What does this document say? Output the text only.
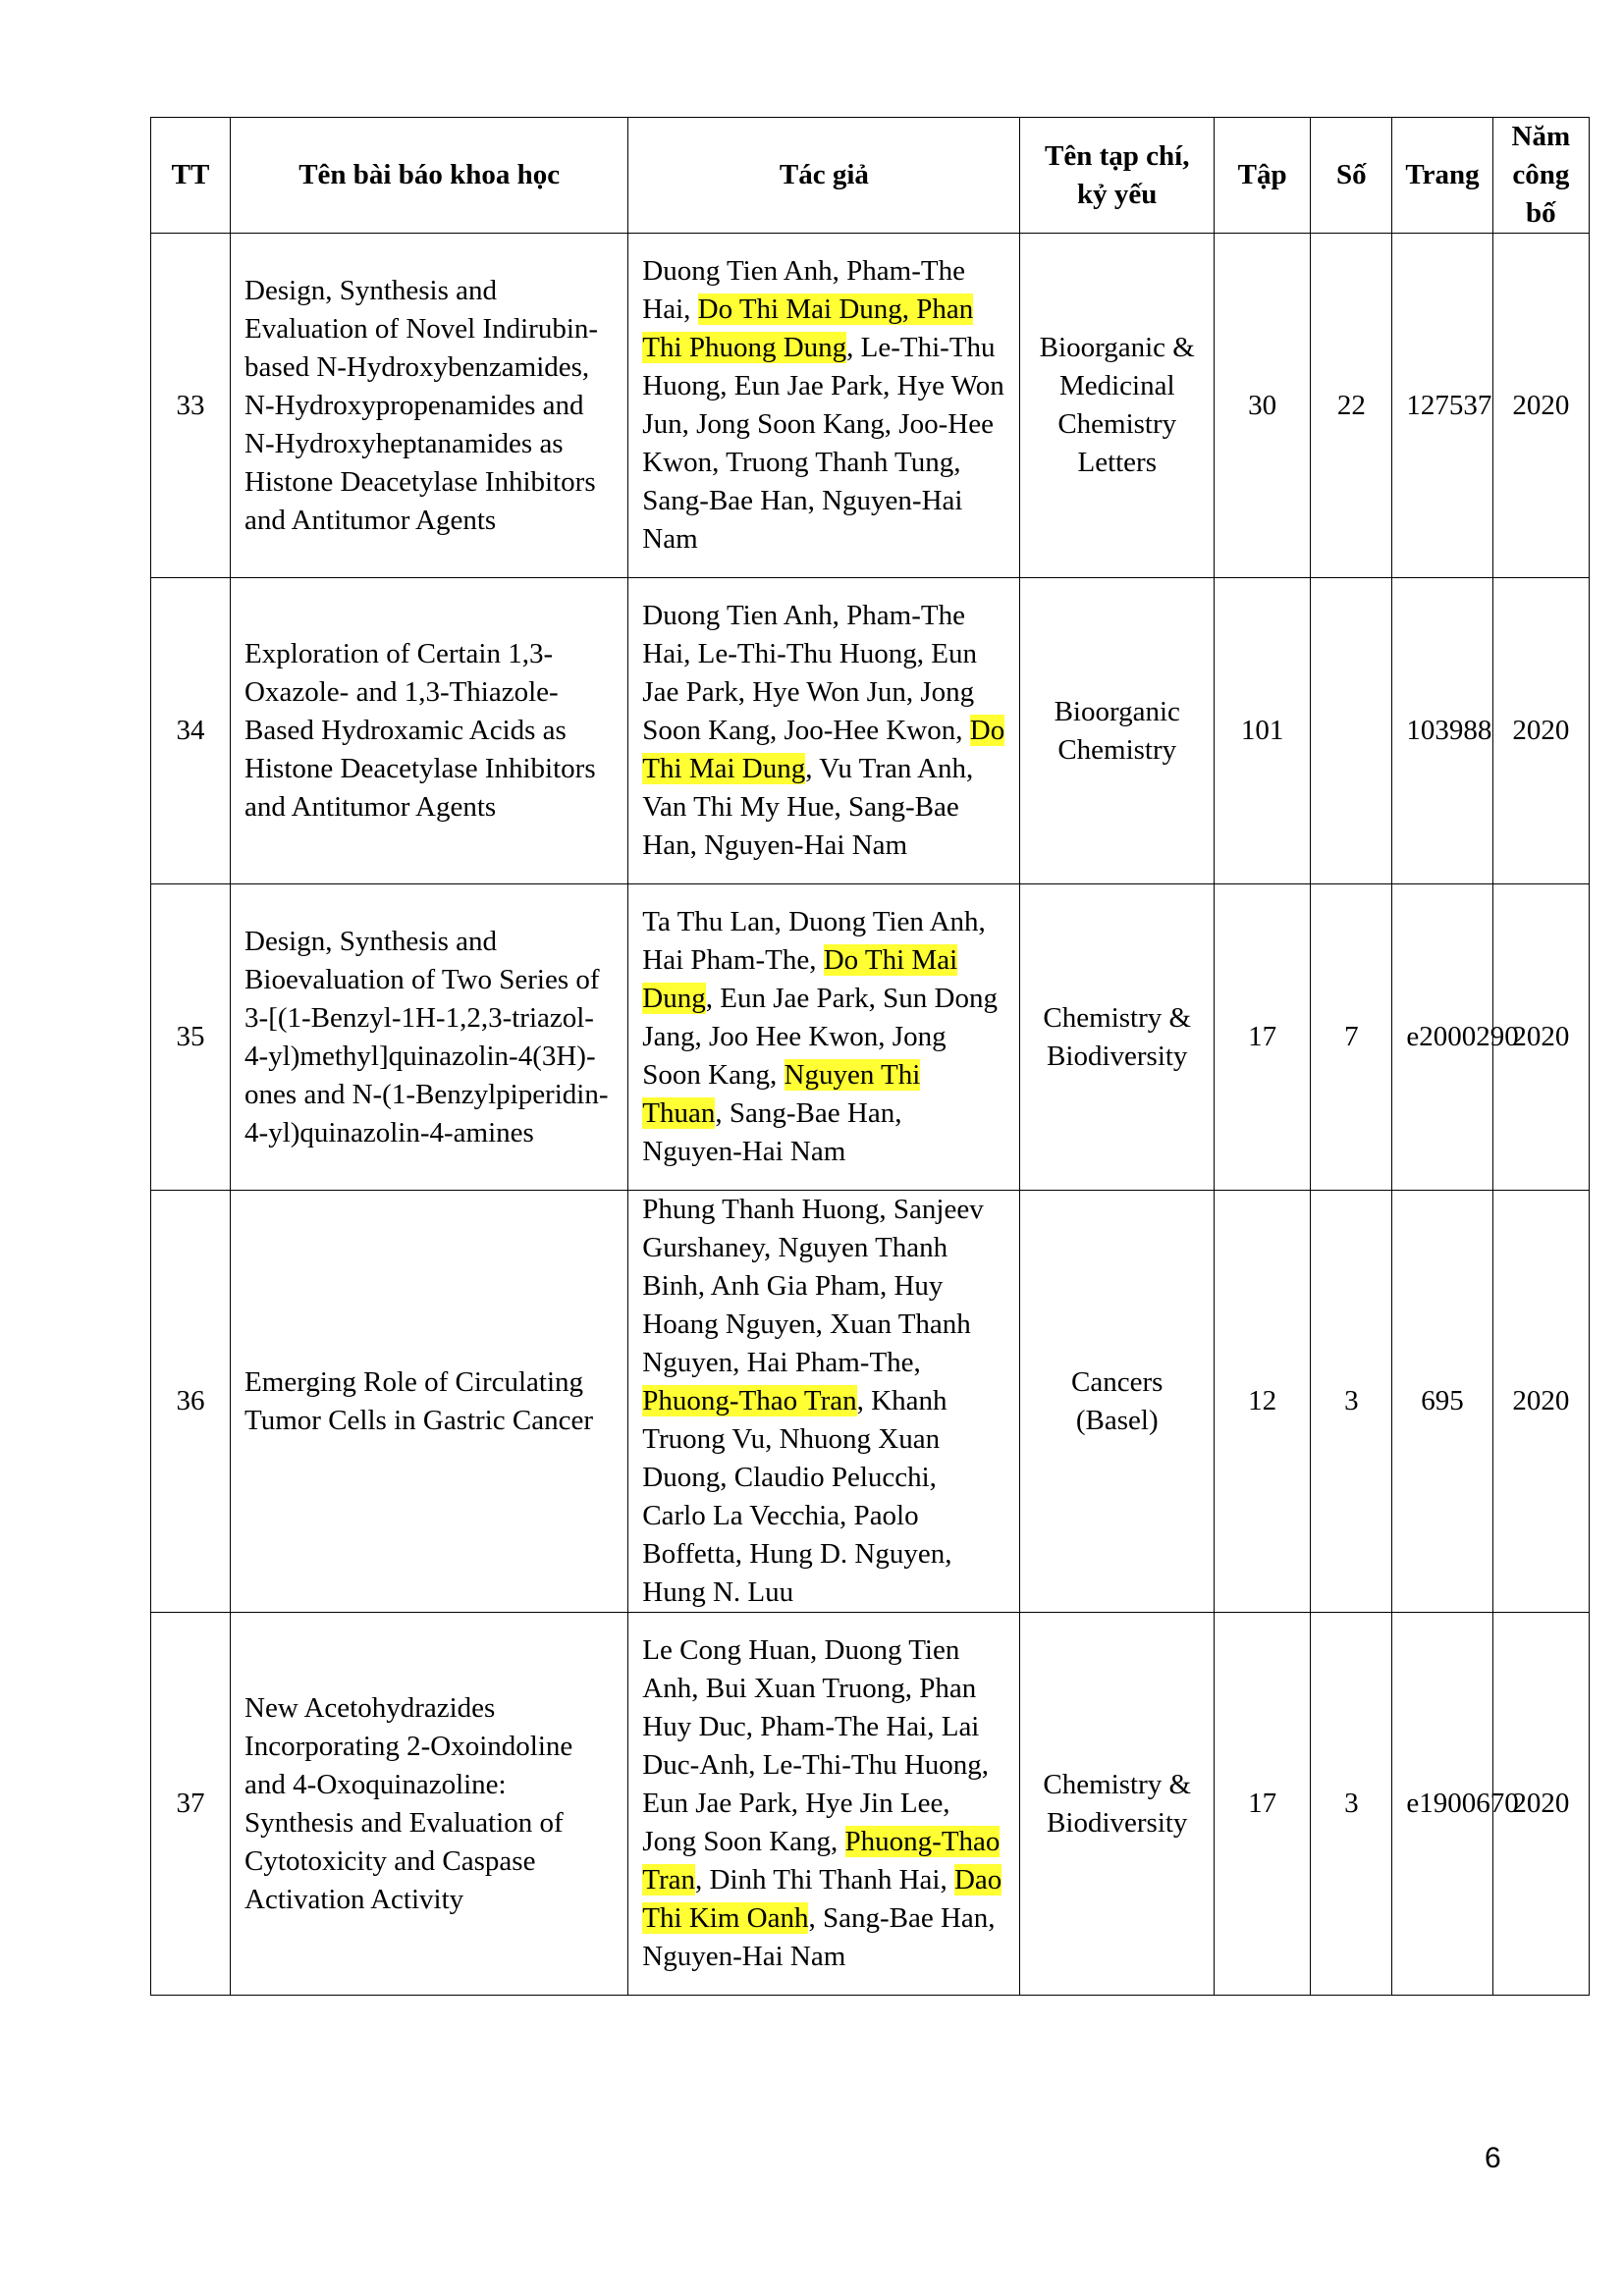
TT	Tên bài báo khoa học	Tác giả	Tên tạp chí, kỷ yếu	Tập	Số	Trang	Năm công bố
33	Design, Synthesis and Evaluation of Novel Indirubin-based N-Hydroxybenzamides, N-Hydroxypropenamides and N-Hydroxyheptanamides as Histone Deacetylase Inhibitors and Antitumor Agents	Duong Tien Anh, Pham-The Hai, Do Thi Mai Dung, Phan Thi Phuong Dung, Le-Thi-Thu Huong, Eun Jae Park, Hye Won Jun, Jong Soon Kang, Joo-Hee Kwon, Truong Thanh Tung, Sang-Bae Han, Nguyen-Hai Nam	Bioorganic & Medicinal Chemistry Letters	30	22	127537	2020
34	Exploration of Certain 1,3-Oxazole- and 1,3-Thiazole-Based Hydroxamic Acids as Histone Deacetylase Inhibitors and Antitumor Agents	Duong Tien Anh, Pham-The Hai, Le-Thi-Thu Huong, Eun Jae Park, Hye Won Jun, Jong Soon Kang, Joo-Hee Kwon, Do Thi Mai Dung, Vu Tran Anh, Van Thi My Hue, Sang-Bae Han, Nguyen-Hai Nam	Bioorganic Chemistry	101		103988	2020
35	Design, Synthesis and Bioevaluation of Two Series of 3-[(1-Benzyl-1H-1,2,3-triazol-4-yl)methyl]quinazolin-4(3H)-ones and N-(1-Benzylpiperidin-4-yl)quinazolin-4-amines	Ta Thu Lan, Duong Tien Anh, Hai Pham-The, Do Thi Mai Dung, Eun Jae Park, Sun Dong Jang, Joo Hee Kwon, Jong Soon Kang, Nguyen Thi Thuan, Sang-Bae Han, Nguyen-Hai Nam	Chemistry & Biodiversity	17	7	e2000290	2020
36	Emerging Role of Circulating Tumor Cells in Gastric Cancer	Phung Thanh Huong, Sanjeev Gurshaney, Nguyen Thanh Binh, Anh Gia Pham, Huy Hoang Nguyen, Xuan Thanh Nguyen, Hai Pham-The, Phuong-Thao Tran, Khanh Truong Vu, Nhuong Xuan Duong, Claudio Pelucchi, Carlo La Vecchia, Paolo Boffetta, Hung D. Nguyen, Hung N. Luu	Cancers (Basel)	12	3	695	2020
37	New Acetohydrazides Incorporating 2-Oxoindoline and 4-Oxoquinazoline: Synthesis and Evaluation of Cytotoxicity and Caspase Activation Activity	Le Cong Huan, Duong Tien Anh, Bui Xuan Truong, Phan Huy Duc, Pham-The Hai, Lai Duc-Anh, Le-Thi-Thu Huong, Eun Jae Park, Hye Jin Lee, Jong Soon Kang, Phuong-Thao Tran, Dinh Thi Thanh Hai, Dao Thi Kim Oanh, Sang-Bae Han, Nguyen-Hai Nam	Chemistry & Biodiversity	17	3	e1900670	2020
6
